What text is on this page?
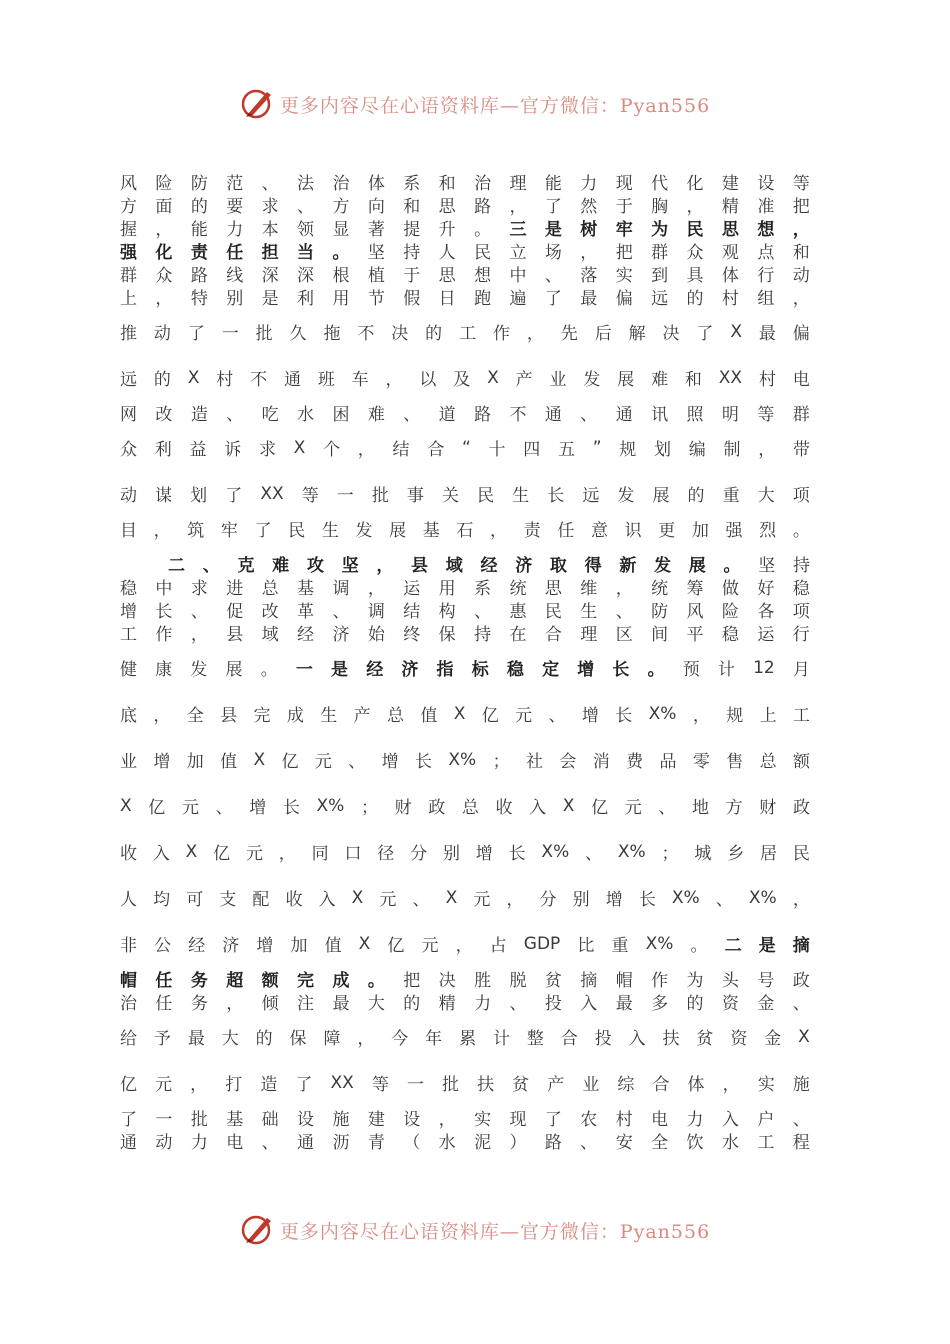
更多内容尽在心语资料库—官方微信：Pyan556
风 险 防 范 、 法 治 体 系 和 治 理 能 力 现 代 化 建 设 等
方 面 的 要 求 、 方 向 和 思 路 ， 了 然 于 胸 ， 精 准 把
握 ， 能 力 本 领 显 著 提 升 。 三 是 树 牢 为 民 思 想 ，
强 化 责 任 担 当 。 坚 持 人 民 立 场 ， 把 群 众 观 点 和
群 众 路 线 深 深 根 植 于 思 想 中 、 落 实 到 具 体 行 动
上 ， 特 别 是 利 用 节 假 日 跑 遍 了 最 偏 远 的 村 组 ，
推 动 了 一 批 久 拖 不 决 的 工 作 ， 先 后 解 决 了 X 最 偏
远 的 X 村 不 通 班 车 ， 以 及 X 产 业 发 展 难 和 XX 村 电
网 改 造 、 吃 水 困 难 、 道 路 不 通 、 通 讯 照 明 等 群
众 利 益 诉 求 X 个 ， 结 合 “ 十 四 五 ” 规 划 编 制 ， 带
动 谋 划 了 XX 等 一 批 事 关 民 生 长 远 发 展 的 重 大 项
目 ， 筑 牢 了 民 生 发 展 基 石 ， 责 任 意 识 更 加 强 烈 。
二 、 克 难 攻 坚 ， 县 域 经 济 取 得 新 发 展 。 坚 持
稳 中 求 进 总 基 调 ， 运 用 系 统 思 维 ， 统 筹 做 好 稳
增 长 、 促 改 革 、 调 结 构 、 惠 民 生 、 防 风 险 各 项
工 作 ， 县 域 经 济 始 终 保 持 在 合 理 区 间 平 稳 运 行
健 康 发 展 。 一 是 经 济 指 标 稳 定 增 长 。 预 计 12 月
底 ， 全 县 完 成 生 产 总 值 X 亿 元 、 增 长 X% ， 规 上 工
业 增 加 值 X 亿 元 、 增 长 X% ； 社 会 消 费 品 零 售 总 额
X 亿 元 、 增 长 X% ； 财 政 总 收 入 X 亿 元 、 地 方 财 政
收 入 X 亿 元 ， 同 口 径 分 别 增 长 X% 、 X% ； 城 乡 居 民
人 均 可 支 配 收 入 X 元 、 X 元 ， 分 别 增 长 X% 、 X% ，
非 公 经 济 增 加 值 X 亿 元 ， 占 GDP 比 重 X% 。 二 是 摘
帽 任 务 超 额 完 成 。 把 决 胜 脱 贫 摘 帽 作 为 头 号 政
治 任 务 ， 倾 注 最 大 的 精 力 、 投 入 最 多 的 资 金 、
给 予 最 大 的 保 障 ， 今 年 累 计 整 合 投 入 扶 贫 资 金 X
亿 元 ， 打 造 了 XX 等 一 批 扶 贫 产 业 综 合 体 ， 实 施
了 一 批 基 础 设 施 建 设 ， 实 现 了 农 村 电 力 入 户 、
通 动 力 电 、 通 沥 青 （ 水 泥 ） 路 、 安 全 饮 水 工 程
更多内容尽在心语资料库—官方微信：Pyan556
